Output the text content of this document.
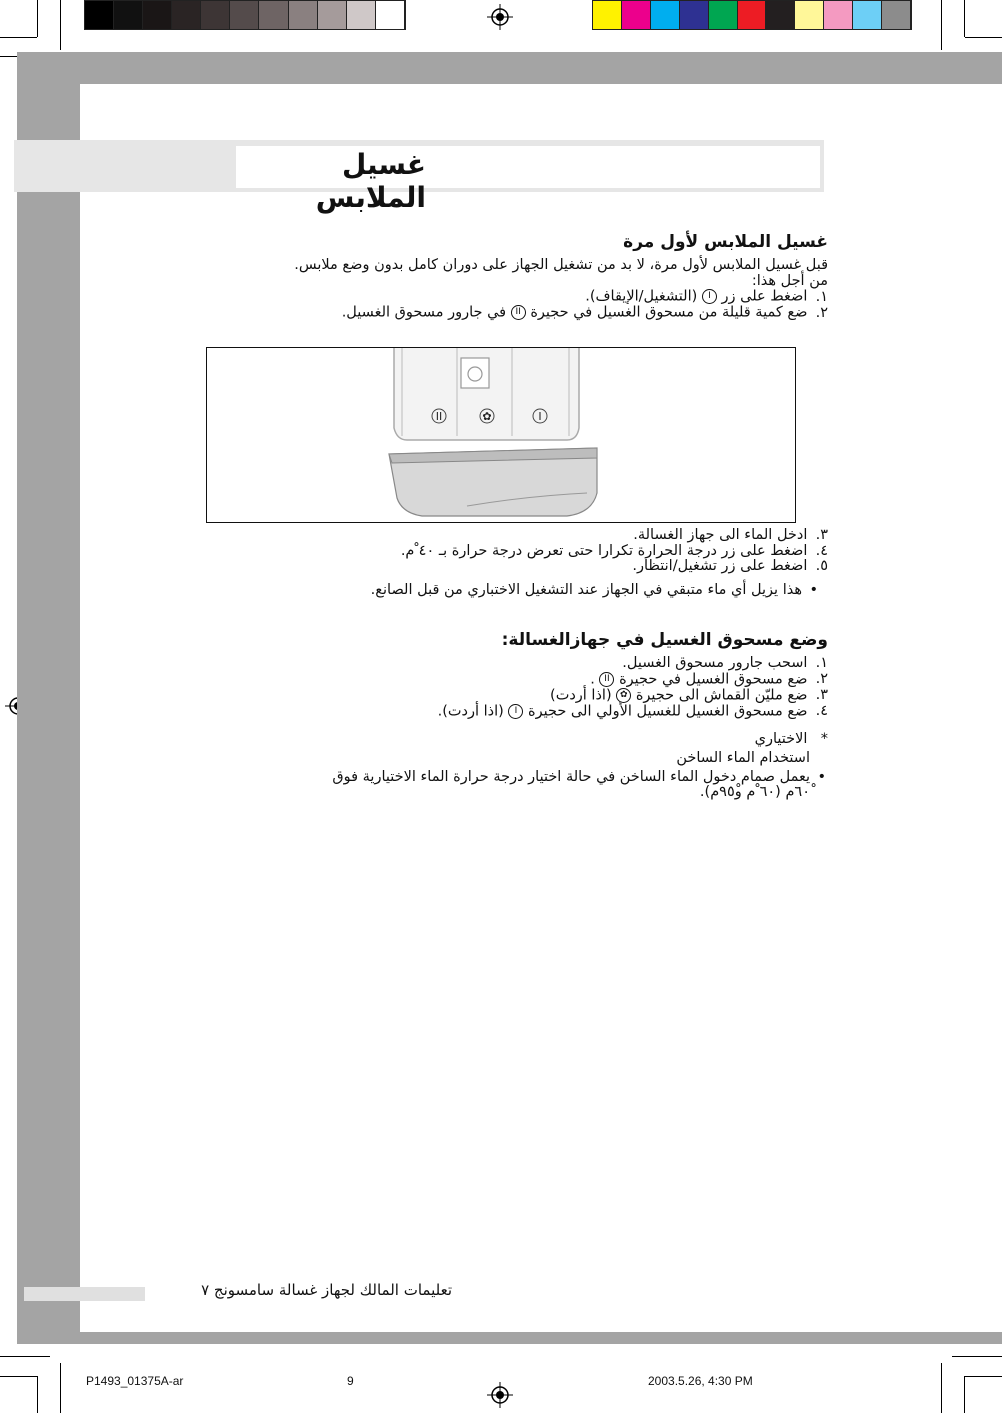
غسيل الملابس
غسيل الملابس لأول مرة

قبل غسيل الملابس لأول مرة، لا بد من تشغيل الجهاز على دوران كامل بدون وضع ملابس.

من أجل هذا:

١. اضغط على زر I (التشغيل/الإيقاف).
٢. ضع كمية قليلة من مسحوق الغسيل في حجيرة II في جارور مسحوق الغسيل.
II	✿	I
٣. ادخل الماء الى جهاز الغسالة.
٤. اضغط على زر درجة الحرارة تكرارا حتى تعرض درجة حرارة بـ ٤٠ ْم.
٥. اضغط على زر تشغيل/انتظار.
• هذا يزيل أي ماء متبقي في الجهاز عند التشغيل الاختباري من قبل الصانع.
وضع مسحوق الغسيل في جهازالغسالة:
١. اسحب جارور مسحوق الغسيل.
٢. ضع مسحوق الغسيل في حجيرة II .
٣. ضع مليّن القماش الى حجيرة ✿ (اذا أردت)
٤. ضع مسحوق الغسيل للغسيل الأولي الى حجيرة I (اذا أردت).
* الاختياري
استخدام الماء الساخن
• يعمل صمام دخول الماء الساخن في حالة اختيار درجة حرارة الماء الاختيارية فوق
٦٠ْم (٦٠ ْم و٩٥ْم).
تعليمات المالك لجهاز غسالة سامسونج ٧
P1493_01375A-ar	9	2003.5.26, 4:30 PM
